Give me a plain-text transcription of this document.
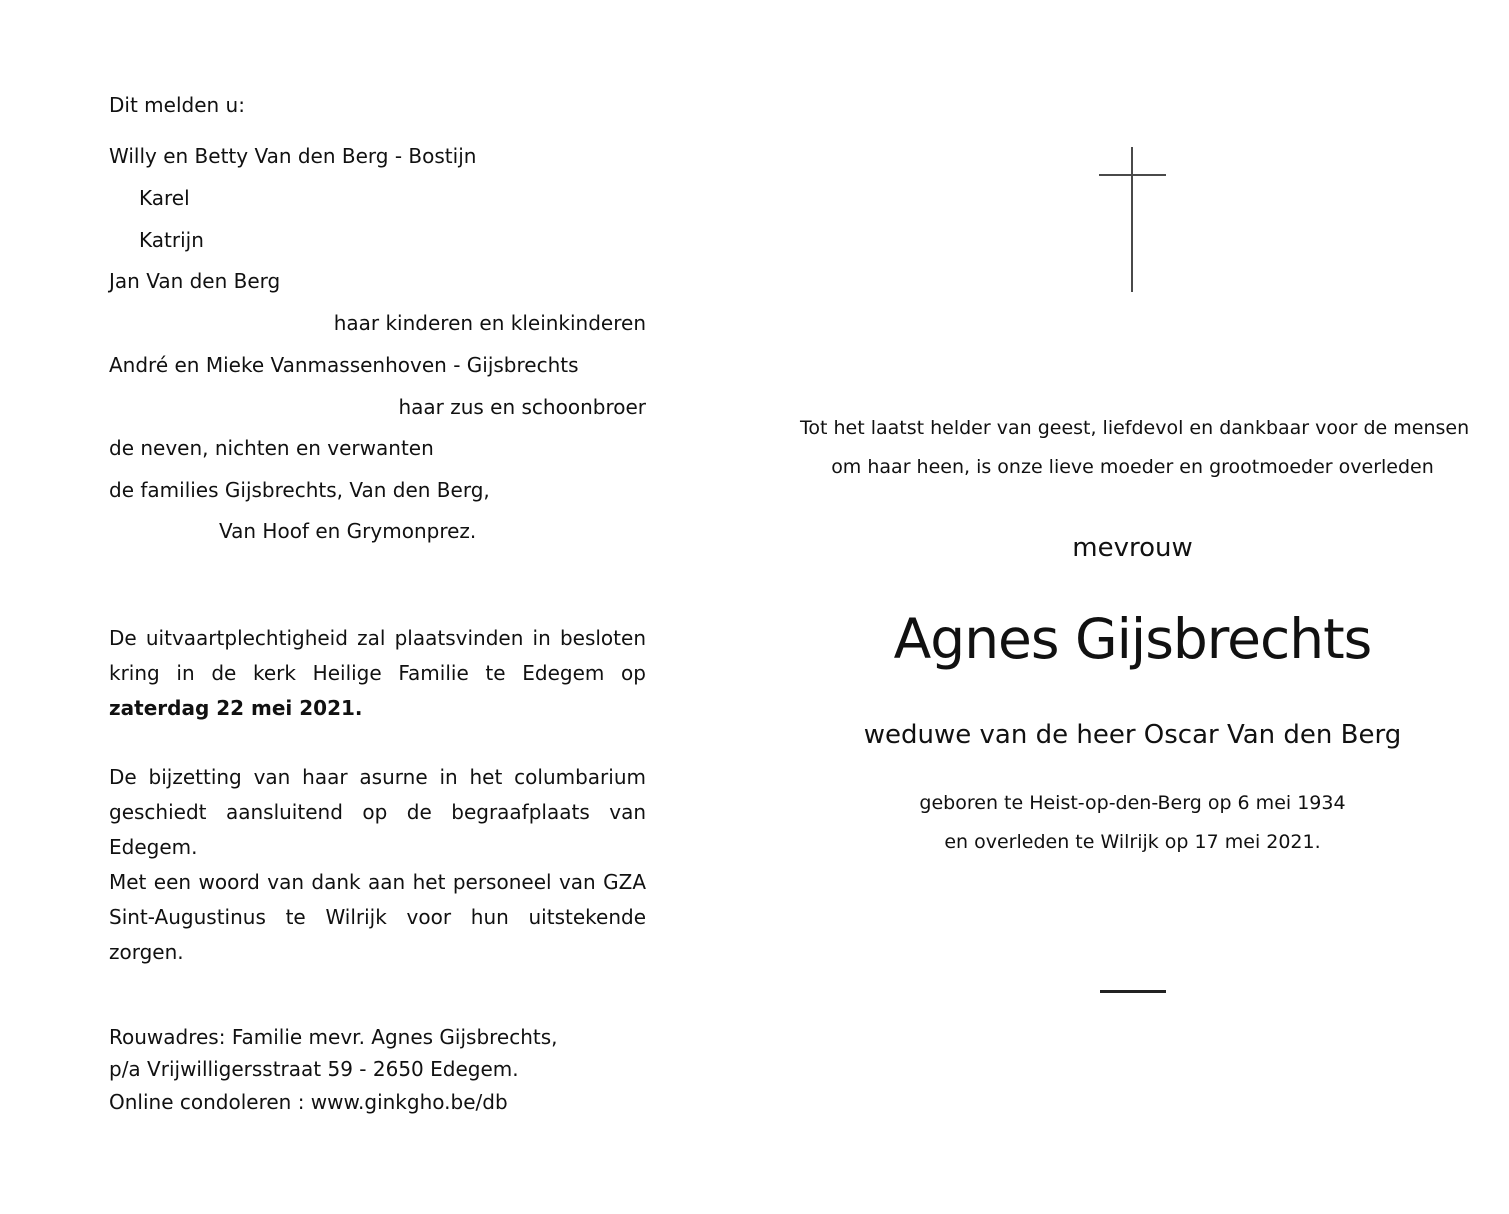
Dit melden u:
Willy en Betty Van den Berg - Bostijn
Karel
Katrijn
Jan Van den Berg
haar kinderen en kleinkinderen
André en Mieke Vanmassenhoven - Gijsbrechts
haar zus en schoonbroer
de neven, nichten en verwanten
de families Gijsbrechts, Van den Berg,
Van Hoof en Grymonprez.
De uitvaartplechtigheid zal plaatsvinden in besloten kring in de kerk Heilige Familie te Edegem op zaterdag 22 mei 2021.
De bijzetting van haar asurne in het columbarium geschiedt aansluitend op de begraafplaats van Edegem.
Met een woord van dank aan het personeel van GZA Sint-Augustinus te Wilrijk voor hun uitstekende zorgen.
Rouwadres: Familie mevr. Agnes Gijsbrechts,
p/a Vrijwilligersstraat 59 - 2650 Edegem.
Online condoleren : www.ginkgho.be/db
Tot het laatst helder van geest, liefdevol en dankbaar voor de mensen
om haar heen, is onze lieve moeder en grootmoeder overleden
mevrouw
Agnes Gijsbrechts
weduwe van de heer Oscar Van den Berg
geboren te Heist-op-den-Berg op 6 mei 1934
en overleden te Wilrijk op 17 mei 2021.
